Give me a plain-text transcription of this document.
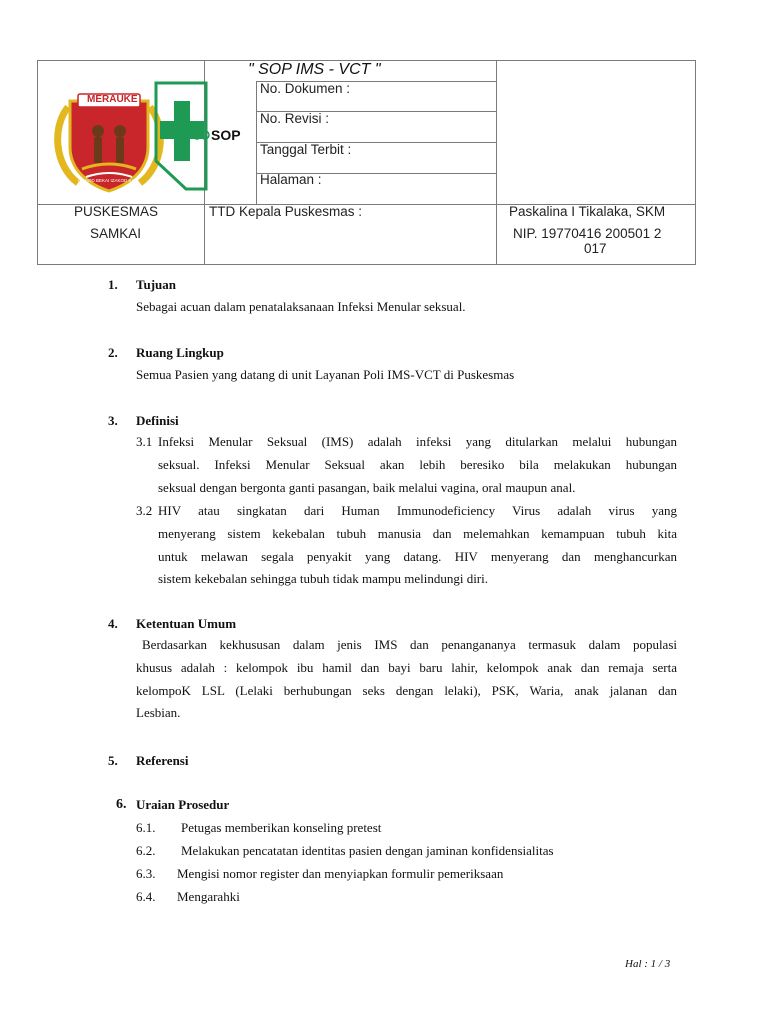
MERAUKE
IZAKOD BEKAI IZAKOD KAI
SOP
" SOP IMS - VCT "
No. Dokumen :
No. Revisi :
Tanggal Terbit :
Halaman :
PUSKESMAS
SAMKAI
TTD Kepala Puskesmas :	Paskalina I Tikalaka, SKM
NIP. 19770416 200501 2
017
1. Tujuan
Sebagai acuan dalam penatalaksanaan Infeksi Menular seksual.
2. Ruang Lingkup
Semua Pasien yang datang di unit Layanan Poli IMS-VCT di Puskesmas
3. Definisi
3.1 Infeksi Menular Seksual (IMS) adalah infeksi yang ditularkan melalui hubungan
seksual. Infeksi Menular Seksual akan lebih beresiko bila melakukan hubungan
seksual dengan bergonta ganti pasangan, baik melalui vagina, oral maupun anal.
3.2 HIV atau singkatan dari Human Immunodeficiency Virus adalah virus yang
menyerang sistem kekebalan tubuh manusia dan melemahkan kemampuan tubuh kita
untuk melawan segala penyakit yang datang. HIV menyerang dan menghancurkan
sistem kekebalan sehingga tubuh tidak mampu melindungi diri.
4. Ketentuan Umum
Berdasarkan kekhususan dalam jenis IMS dan penangananya termasuk dalam populasi
khusus adalah : kelompok ibu hamil dan bayi baru lahir, kelompok anak dan remaja serta
kelompoK LSL (Lelaki berhubungan seks dengan lelaki), PSK, Waria, anak jalanan dan
Lesbian.
5. Referensi
6. Uraian Prosedur
6.1. Petugas memberikan konseling pretest
6.2. Melakukan pencatatan identitas pasien dengan jaminan konfidensialitas
6.3. Mengisi nomor register dan menyiapkan formulir pemeriksaan
6.4. Mengarahki
Hal : 1 / 3
